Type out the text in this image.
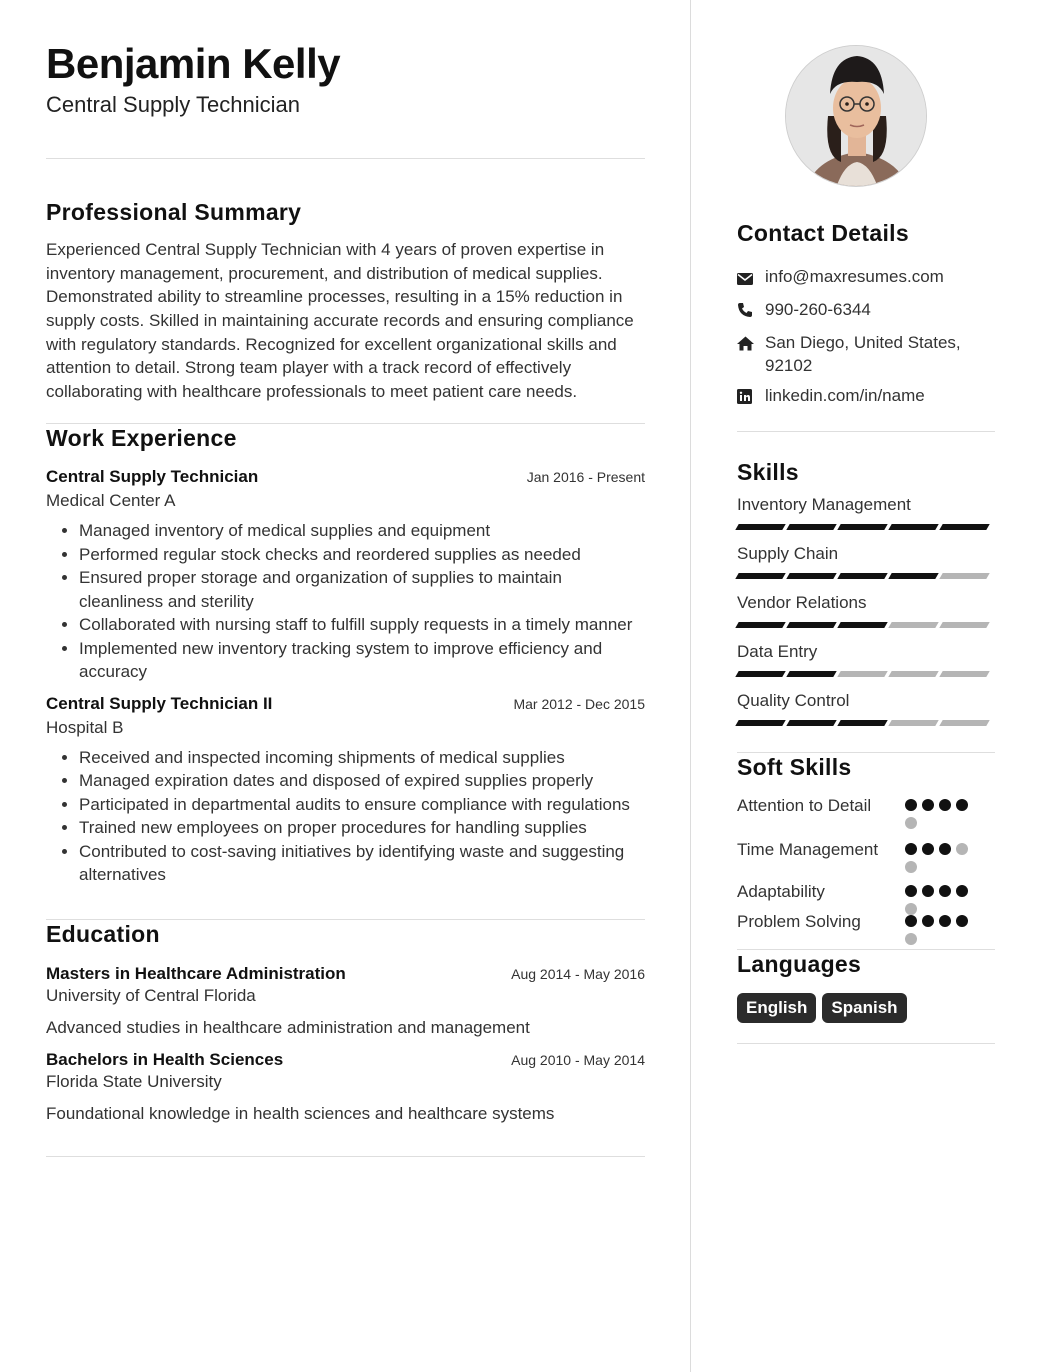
Benjamin Kelly
Central Supply Technician
Professional Summary
Experienced Central Supply Technician with 4 years of proven expertise in inventory management, procurement, and distribution of medical supplies. Demonstrated ability to streamline processes, resulting in a 15% reduction in supply costs. Skilled in maintaining accurate records and ensuring compliance with regulatory standards. Recognized for excellent organizational skills and attention to detail. Strong team player with a track record of effectively collaborating with healthcare professionals to meet patient care needs.
Work Experience
Central Supply Technician	Jan 2016 - Present
Medical Center A
• Managed inventory of medical supplies and equipment
• Performed regular stock checks and reordered supplies as needed
• Ensured proper storage and organization of supplies to maintain cleanliness and sterility
• Collaborated with nursing staff to fulfill supply requests in a timely manner
• Implemented new inventory tracking system to improve efficiency and accuracy
Central Supply Technician II	Mar 2012 - Dec 2015
Hospital B
• Received and inspected incoming shipments of medical supplies
• Managed expiration dates and disposed of expired supplies properly
• Participated in departmental audits to ensure compliance with regulations
• Trained new employees on proper procedures for handling supplies
• Contributed to cost-saving initiatives by identifying waste and suggesting alternatives
Education
Masters in Healthcare Administration	Aug 2014 - May 2016
University of Central Florida
Advanced studies in healthcare administration and management
Bachelors in Health Sciences	Aug 2010 - May 2014
Florida State University
Foundational knowledge in health sciences and healthcare systems
Contact Details
info@maxresumes.com
990-260-6344
San Diego, United States, 92102
linkedin.com/in/name
Skills
Inventory Management
Supply Chain
Vendor Relations
Data Entry
Quality Control
Soft Skills
Attention to Detail
Time Management
Adaptability
Problem Solving
Languages
English	Spanish
